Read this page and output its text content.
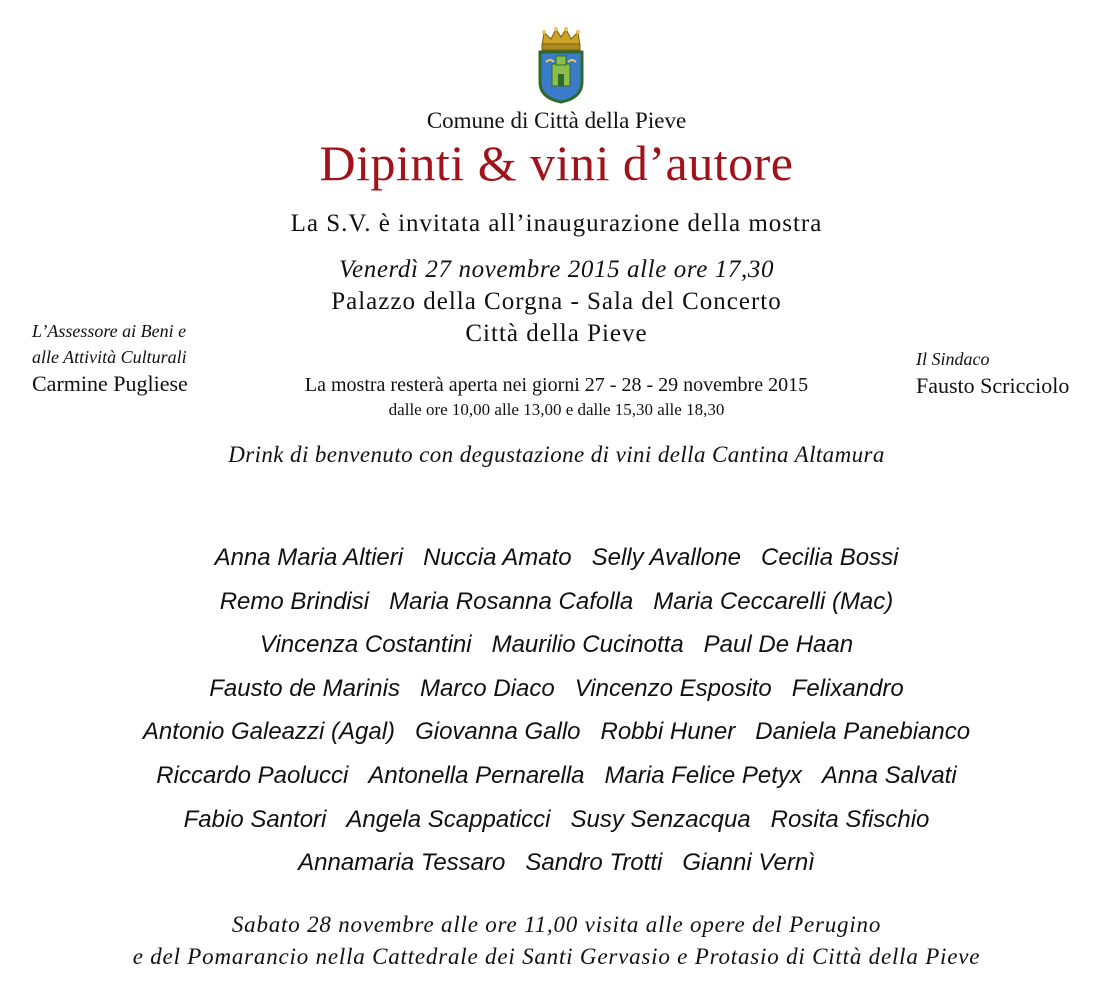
Comune di Città della Pieve
Dipinti & vini d’autore
La S.V. è invitata all’inaugurazione della mostra
Venerdì 27 novembre 2015 alle ore 17,30
Palazzo della Corgna - Sala del Concerto
Città della Pieve
La mostra resterà aperta nei giorni 27 - 28 - 29 novembre 2015
dalle ore 10,00 alle 13,00 e dalle 15,30 alle 18,30
L’Assessore ai Beni e
alle Attività Culturali
Carmine Pugliese
Il Sindaco
Fausto Scricciolo
Drink di benvenuto con degustazione di vini della Cantina Altamura
Anna Maria Altieri Nuccia Amato Selly Avallone Cecilia Bossi
Remo Brindisi Maria Rosanna Cafolla Maria Ceccarelli (Mac)
Vincenza Costantini Maurilio Cucinotta Paul De Haan
Fausto de Marinis Marco Diaco Vincenzo Esposito Felixandro
Antonio Galeazzi (Agal) Giovanna Gallo Robbi Huner Daniela Panebianco
Riccardo Paolucci Antonella Pernarella Maria Felice Petyx Anna Salvati
Fabio Santori Angela Scappaticci Susy Senzacqua Rosita Sfischio
Annamaria Tessaro Sandro Trotti Gianni Vernì
Sabato 28 novembre alle ore 11,00 visita alle opere del Perugino
e del Pomarancio nella Cattedrale dei Santi Gervasio e Protasio di Città della Pieve
